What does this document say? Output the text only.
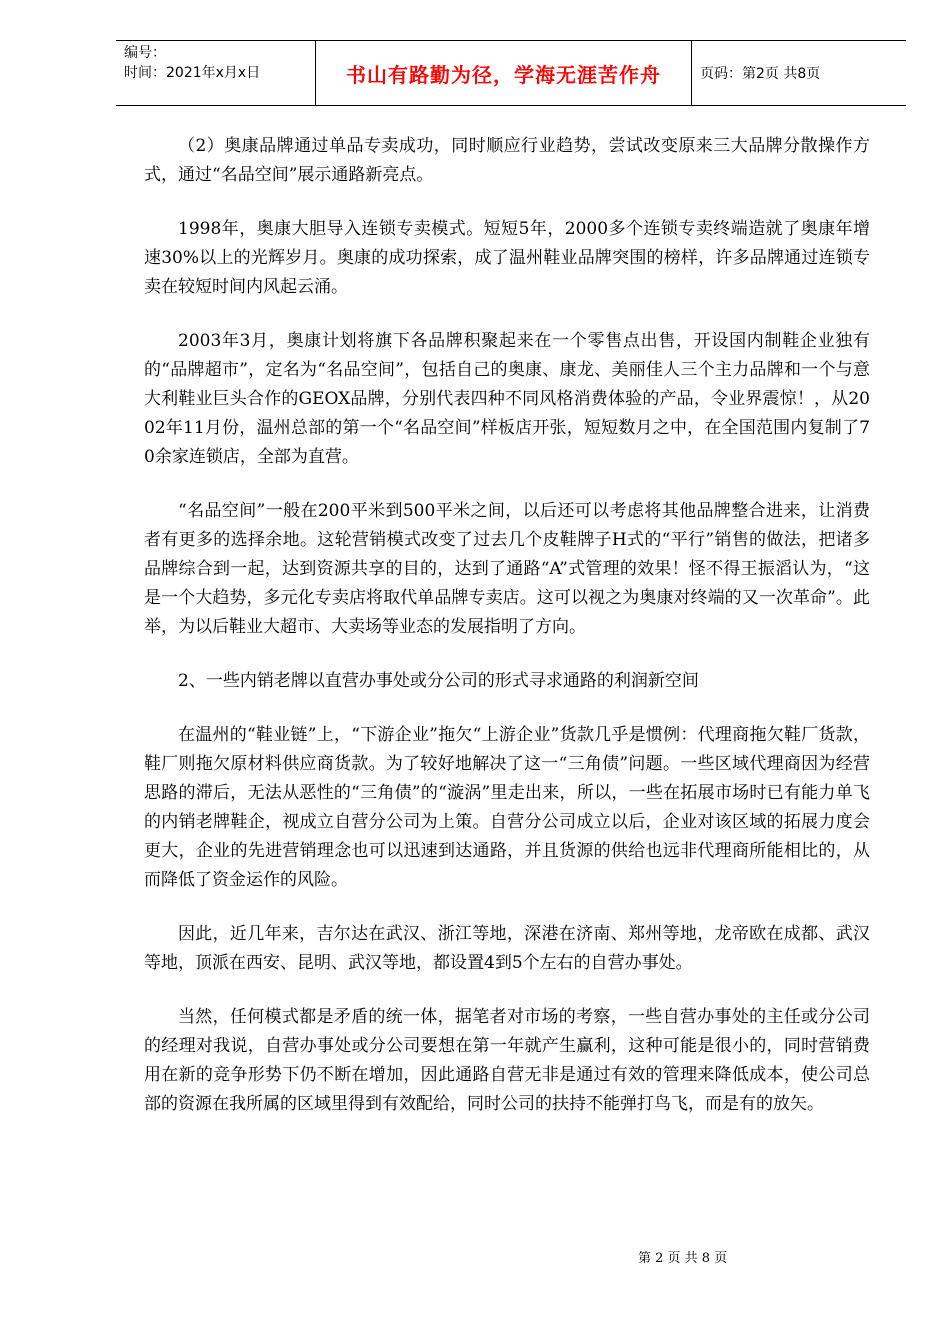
编号：
时间：2021年x月x日	书山有路勤为径，学海无涯苦作舟	页码：第2页 共8页

（2）奥康品牌通过单品专卖成功，同时顺应行业趋势，尝试改变原来三大品牌分散操作方式，通过“名品空间”展示通路新亮点。

1998年，奥康大胆导入连锁专卖模式。短短5年，2000多个连锁专卖终端造就了奥康年增速30%以上的光辉岁月。奥康的成功探索，成了温州鞋业品牌突围的榜样，许多品牌通过连锁专卖在较短时间内风起云涌。

2003年3月，奥康计划将旗下各品牌积聚起来在一个零售点出售，开设国内制鞋企业独有的“品牌超市”，定名为“名品空间”，包括自己的奥康、康龙、美丽佳人三个主力品牌和一个与意大利鞋业巨头合作的GEOX品牌，分别代表四种不同风格消费体验的产品，令业界震惊！，从2002年11月份，温州总部的第一个“名品空间”样板店开张，短短数月之中，在全国范围内复制了70余家连锁店，全部为直营。

“名品空间”一般在200平米到500平米之间，以后还可以考虑将其他品牌整合进来，让消费者有更多的选择余地。这轮营销模式改变了过去几个皮鞋牌子H式的“平行”销售的做法，把诸多品牌综合到一起，达到资源共享的目的，达到了通路“A”式管理的效果！怪不得王振滔认为，“这是一个大趋势，多元化专卖店将取代单品牌专卖店。这可以视之为奥康对终端的又一次革命”。此举，为以后鞋业大超市、大卖场等业态的发展指明了方向。

2、一些内销老牌以直营办事处或分公司的形式寻求通路的利润新空间

在温州的“鞋业链”上，“下游企业”拖欠“上游企业”货款几乎是惯例：代理商拖欠鞋厂货款，鞋厂则拖欠原材料供应商货款。为了较好地解决了这一“三角债”问题。一些区域代理商因为经营思路的滞后，无法从恶性的“三角债”的“漩涡”里走出来，所以，一些在拓展市场时已有能力单飞的内销老牌鞋企，视成立自营分公司为上策。自营分公司成立以后，企业对该区域的拓展力度会更大，企业的先进营销理念也可以迅速到达通路，并且货源的供给也远非代理商所能相比的，从而降低了资金运作的风险。

因此，近几年来，吉尔达在武汉、浙江等地，深港在济南、郑州等地，龙帝欧在成都、武汉等地，顶派在西安、昆明、武汉等地，都设置4到5个左右的自营办事处。

当然，任何模式都是矛盾的统一体，据笔者对市场的考察，一些自营办事处的主任或分公司的经理对我说，自营办事处或分公司要想在第一年就产生赢利，这种可能是很小的，同时营销费用在新的竞争形势下仍不断在增加，因此通路自营无非是通过有效的管理来降低成本，使公司总部的资源在我所属的区域里得到有效配给，同时公司的扶持不能弹打鸟飞，而是有的放矢。

第 2 页 共 8 页
